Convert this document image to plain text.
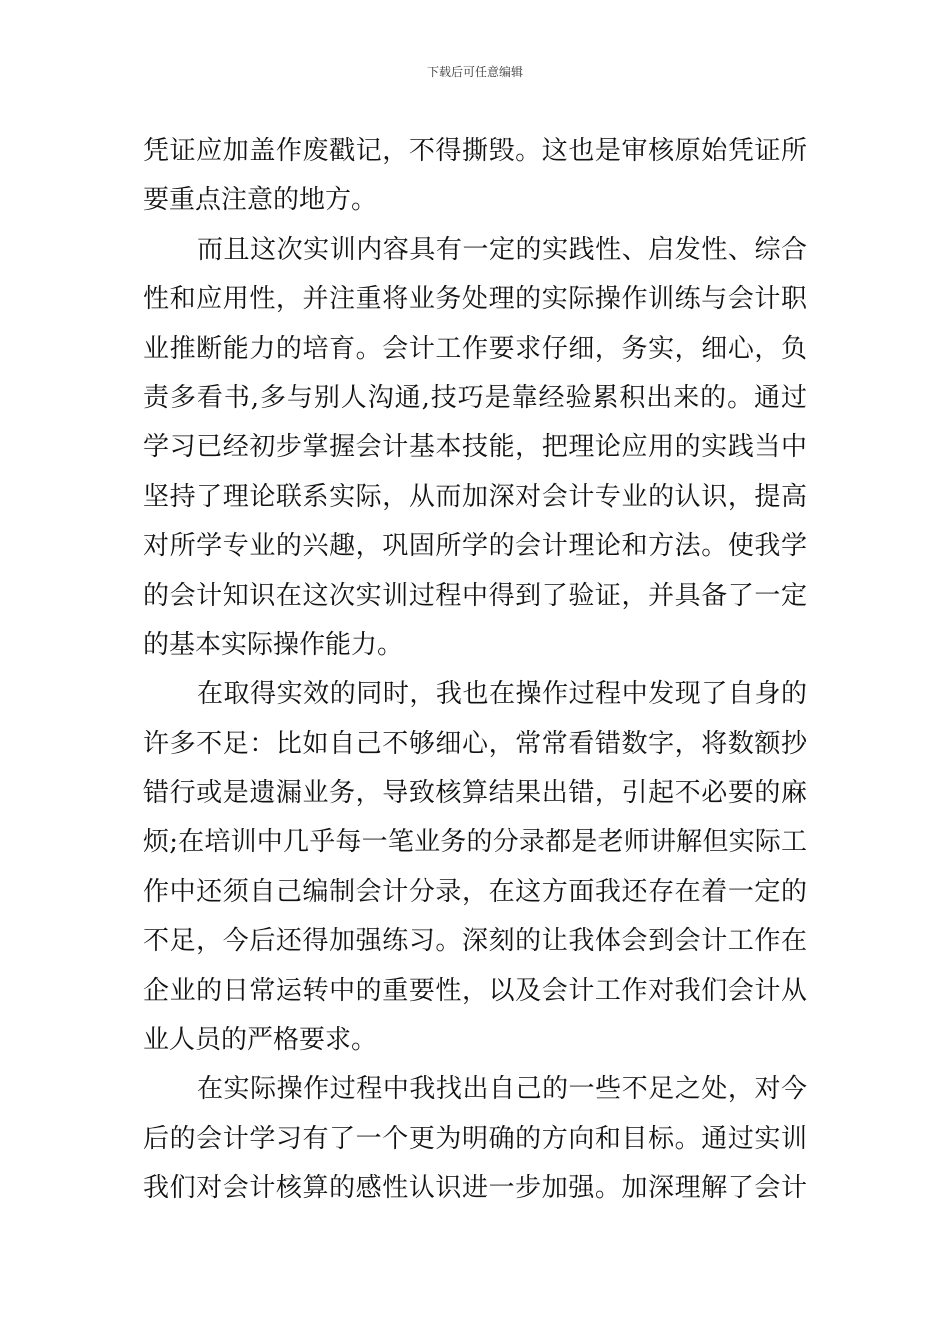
下载后可任意编辑
凭证应加盖作废戳记，不得撕毁。这也是审核原始凭证所
要重点注意的地方。
而且这次实训内容具有一定的实践性、启发性、综合
性和应用性，并注重将业务处理的实际操作训练与会计职
业推断能力的培育。会计工作要求仔细，务实，细心，负
责多看书,多与别人沟通,技巧是靠经验累积出来的。通过
学习已经初步掌握会计基本技能，把理论应用的实践当中
坚持了理论联系实际，从而加深对会计专业的认识，提高
对所学专业的兴趣，巩固所学的会计理论和方法。使我学
的会计知识在这次实训过程中得到了验证，并具备了一定
的基本实际操作能力。
在取得实效的同时，我也在操作过程中发现了自身的
许多不足：比如自己不够细心，常常看错数字，将数额抄
错行或是遗漏业务，导致核算结果出错，引起不必要的麻
烦;在培训中几乎每一笔业务的分录都是老师讲解但实际工
作中还须自己编制会计分录，在这方面我还存在着一定的
不足，今后还得加强练习。深刻的让我体会到会计工作在
企业的日常运转中的重要性，以及会计工作对我们会计从
业人员的严格要求。
在实际操作过程中我找出自己的一些不足之处，对今
后的会计学习有了一个更为明确的方向和目标。通过实训
我们对会计核算的感性认识进一步加强。加深理解了会计
